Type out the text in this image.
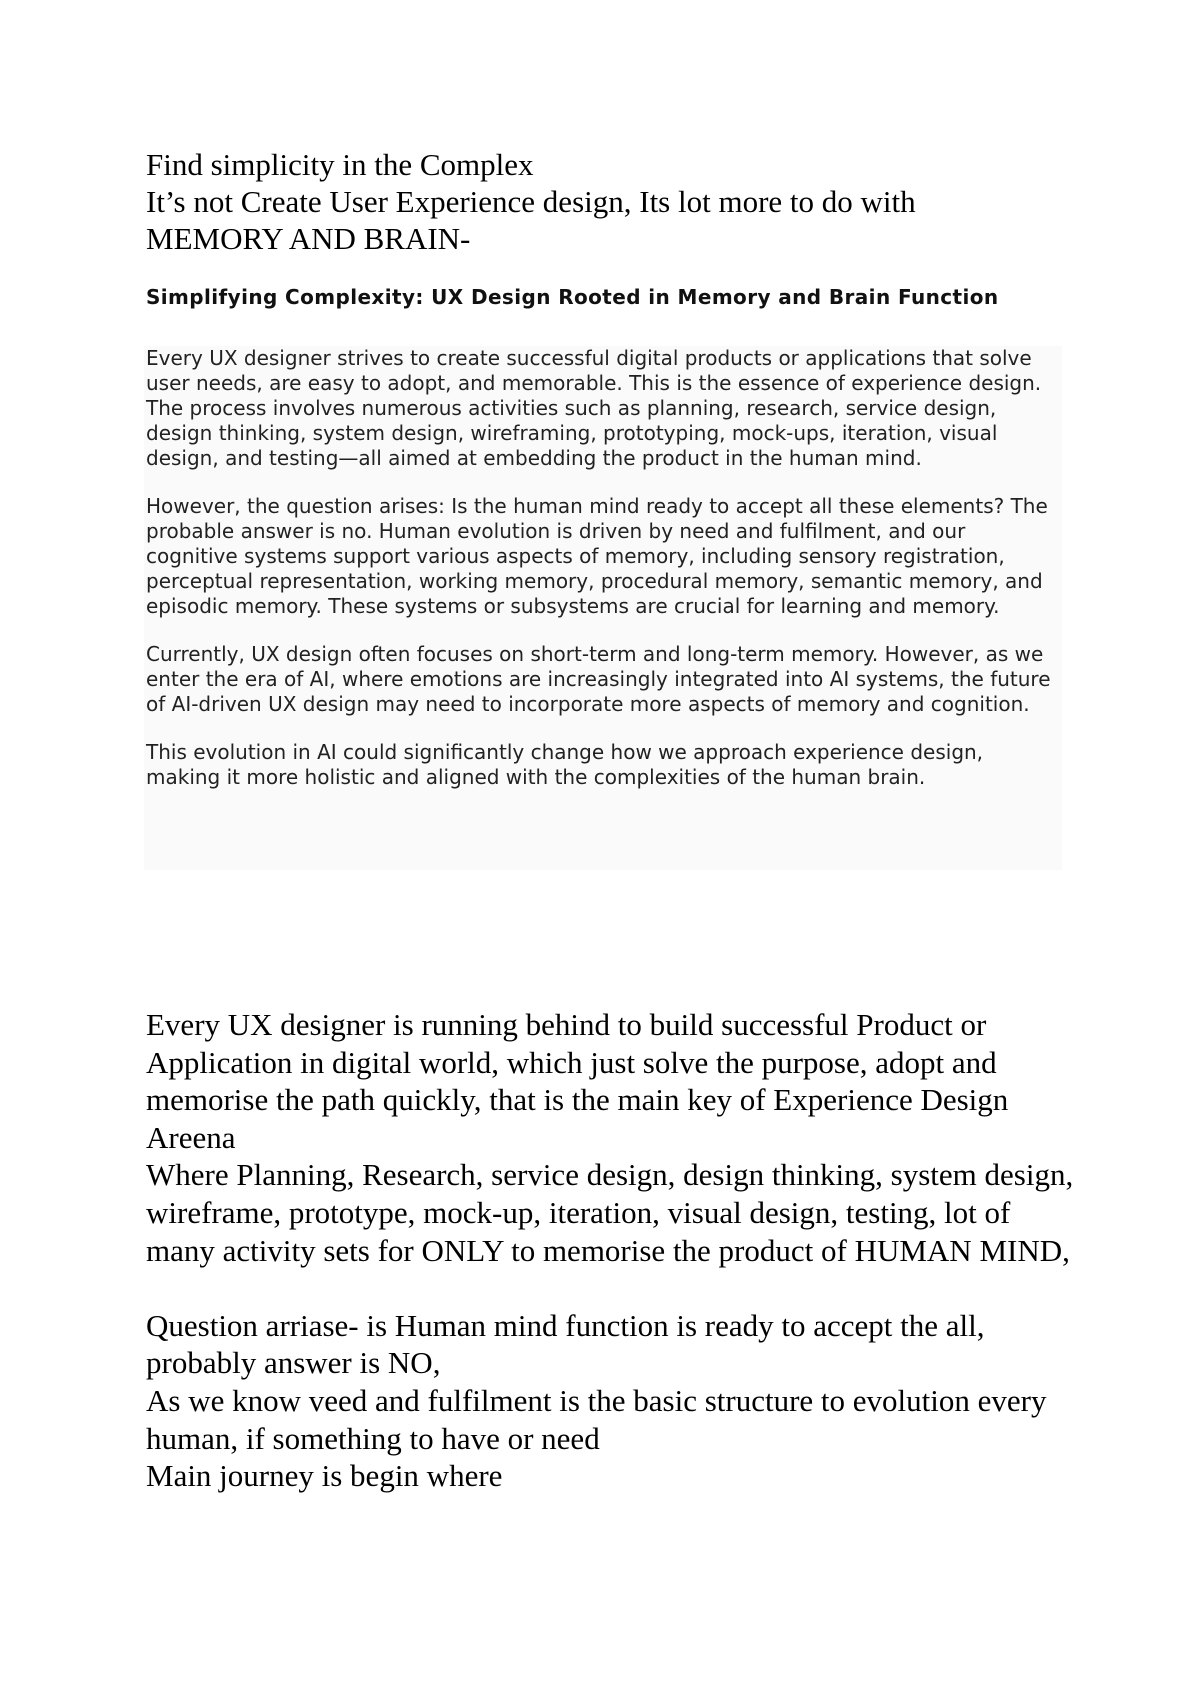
Find simplicity in the Complex
It’s not Create User Experience design, Its lot more to do with
MEMORY AND BRAIN-
Simplifying Complexity: UX Design Rooted in Memory and Brain Function

Every UX designer strives to create successful digital products or applications that solve user needs, are easy to adopt, and memorable. This is the essence of experience design. The process involves numerous activities such as planning, research, service design, design thinking, system design, wireframing, prototyping, mock-ups, iteration, visual design, and testing—all aimed at embedding the product in the human mind.

However, the question arises: Is the human mind ready to accept all these elements? The probable answer is no. Human evolution is driven by need and fulfilment, and our cognitive systems support various aspects of memory, including sensory registration, perceptual representation, working memory, procedural memory, semantic memory, and episodic memory. These systems or subsystems are crucial for learning and memory.

Currently, UX design often focuses on short-term and long-term memory. However, as we enter the era of AI, where emotions are increasingly integrated into AI systems, the future of AI-driven UX design may need to incorporate more aspects of memory and cognition.

This evolution in AI could significantly change how we approach experience design, making it more holistic and aligned with the complexities of the human brain.

Every UX designer is running behind to build successful Product or Application in digital world, which just solve the purpose, adopt and memorise the path quickly, that is the main key of Experience Design Areena
Where Planning, Research, service design, design thinking, system design, wireframe, prototype, mock-up, iteration, visual design, testing, lot of many activity sets for ONLY to memorise the product of HUMAN MIND,
Question arriase- is Human mind function is ready to accept the all, probably answer is NO,
As we know veed and fulfilment is the basic structure to evolution every human, if something to have or need
Main journey is begin where
